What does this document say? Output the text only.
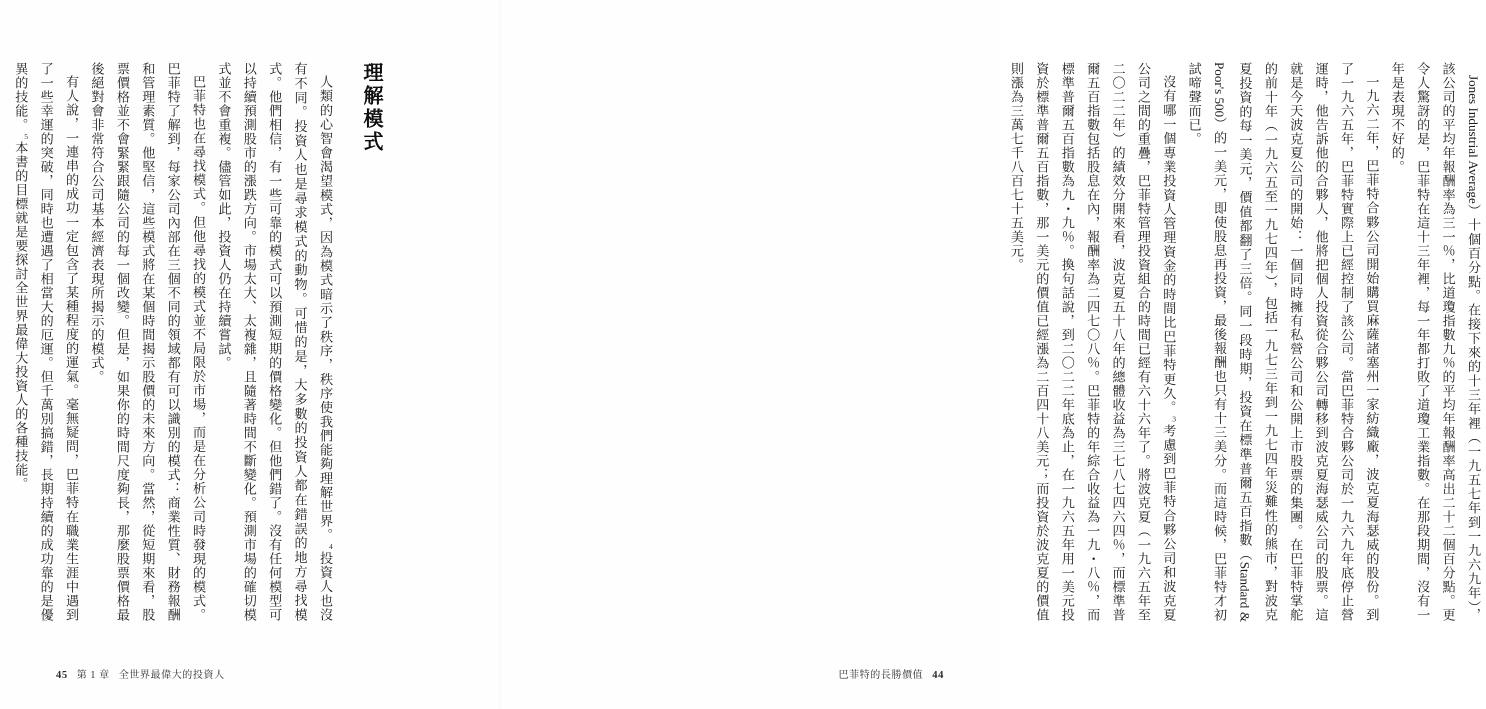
Jones Industrial Average）十個百分點。在接下來的十三年裡（一九五七年到一九六九年），該公司的平均年報酬率為三一％，比道瓊指數九％的平均年報酬率高出二十二個百分點。更令人驚訝的是，巴菲特在這十三年裡，每一年都打敗了道瓊工業指數。在那段期間，沒有一年是表現不好的。

一九六二年，巴菲特合夥公司開始購買麻薩諸塞州一家紡織廠，波克夏海瑟威的股份。到了一九六五年，巴菲特實際上已經控制了該公司。當巴菲特合夥公司於一九六九年底停止營運時，他告訴他的合夥人，他將把個人投資從合夥公司轉移到波克夏海瑟威公司的股票。這就是今天波克夏公司的開始：一個同時擁有私營公司和公開上市股票的集團。在巴菲特掌舵的前十年（一九六五至一九七四年），包括一九七三年到一九七四年災難性的熊市，對波克夏投資的每一美元，價值都翻了三倍。同一段時期，投資在標準普爾五百指數（Standard & Poor's 500）的一美元，即使股息再投資，最後報酬也只有十三美分。而這時候，巴菲特才初試啼聲而已。

沒有哪一個專業投資人管理資金的時間比巴菲特更久。$^3$考慮到巴菲特合夥公司和波克夏公司之間的重疊，巴菲特管理投資組合的時間已經有六十六年了。將波克夏（一九六五年至二〇二二年）的績效分開來看，波克夏五十八年的總體收益為三七八七四六四％，而標準普爾五百指數包括股息在內，報酬率為二四七〇八％。巴菲特的年綜合收益為一九・八％，而標準普爾五百指數為九・九％。換句話說，到二〇二二年底為止，在一九六五年用一美元投資於標準普爾五百指數，那一美元的價值已經漲為二百四十八美元；而投資於波克夏的價值則漲為三萬七千八百七十五美元。

巴菲特的長勝價值 44

人類的心智會渴望模式，因為模式暗示了秩序，秩序使我們能夠理解世界。$^4$投資人也沒有不同。投資人也是尋求模式的動物。可惜的是，大多數的投資人都在錯誤的地方尋找模式。他們相信，有一些可靠的模式可以預測短期的價格變化。但他們錯了。沒有任何模型可以持續預測股市的漲跌方向。市場太大、太複雜，且隨著時間不斷變化。預測市場的確切模式並不會重複。儘管如此，投資人仍在持續嘗試。

巴菲特也在尋找模式。但他尋找的模式並不局限於市場，而是在分析公司時發現的模式。巴菲特了解到，每家公司內部在三個不同的領域都有可以識別的模式：商業性質、財務報酬和管理素質。他堅信，這些模式將在某個時間揭示股價的未來方向。當然，從短期來看，股票價格並不會緊緊跟隨公司的每一個改變。但是，如果你的時間尺度夠長，那麼股票價格最後絕對會非常符合公司基本經濟表現所揭示的模式。

有人說，一連串的成功一定包含了某種程度的運氣。毫無疑問，巴菲特在職業生涯中遇到了一些幸運的突破，同時也遭遇了相當大的厄運。但千萬別搞錯，長期持續的成功靠的是優異的技能。$^5$本書的目標就是要探討全世界最偉大投資人的各種技能。

45 第 1 章 全世界最偉大的投資人
理解模式
